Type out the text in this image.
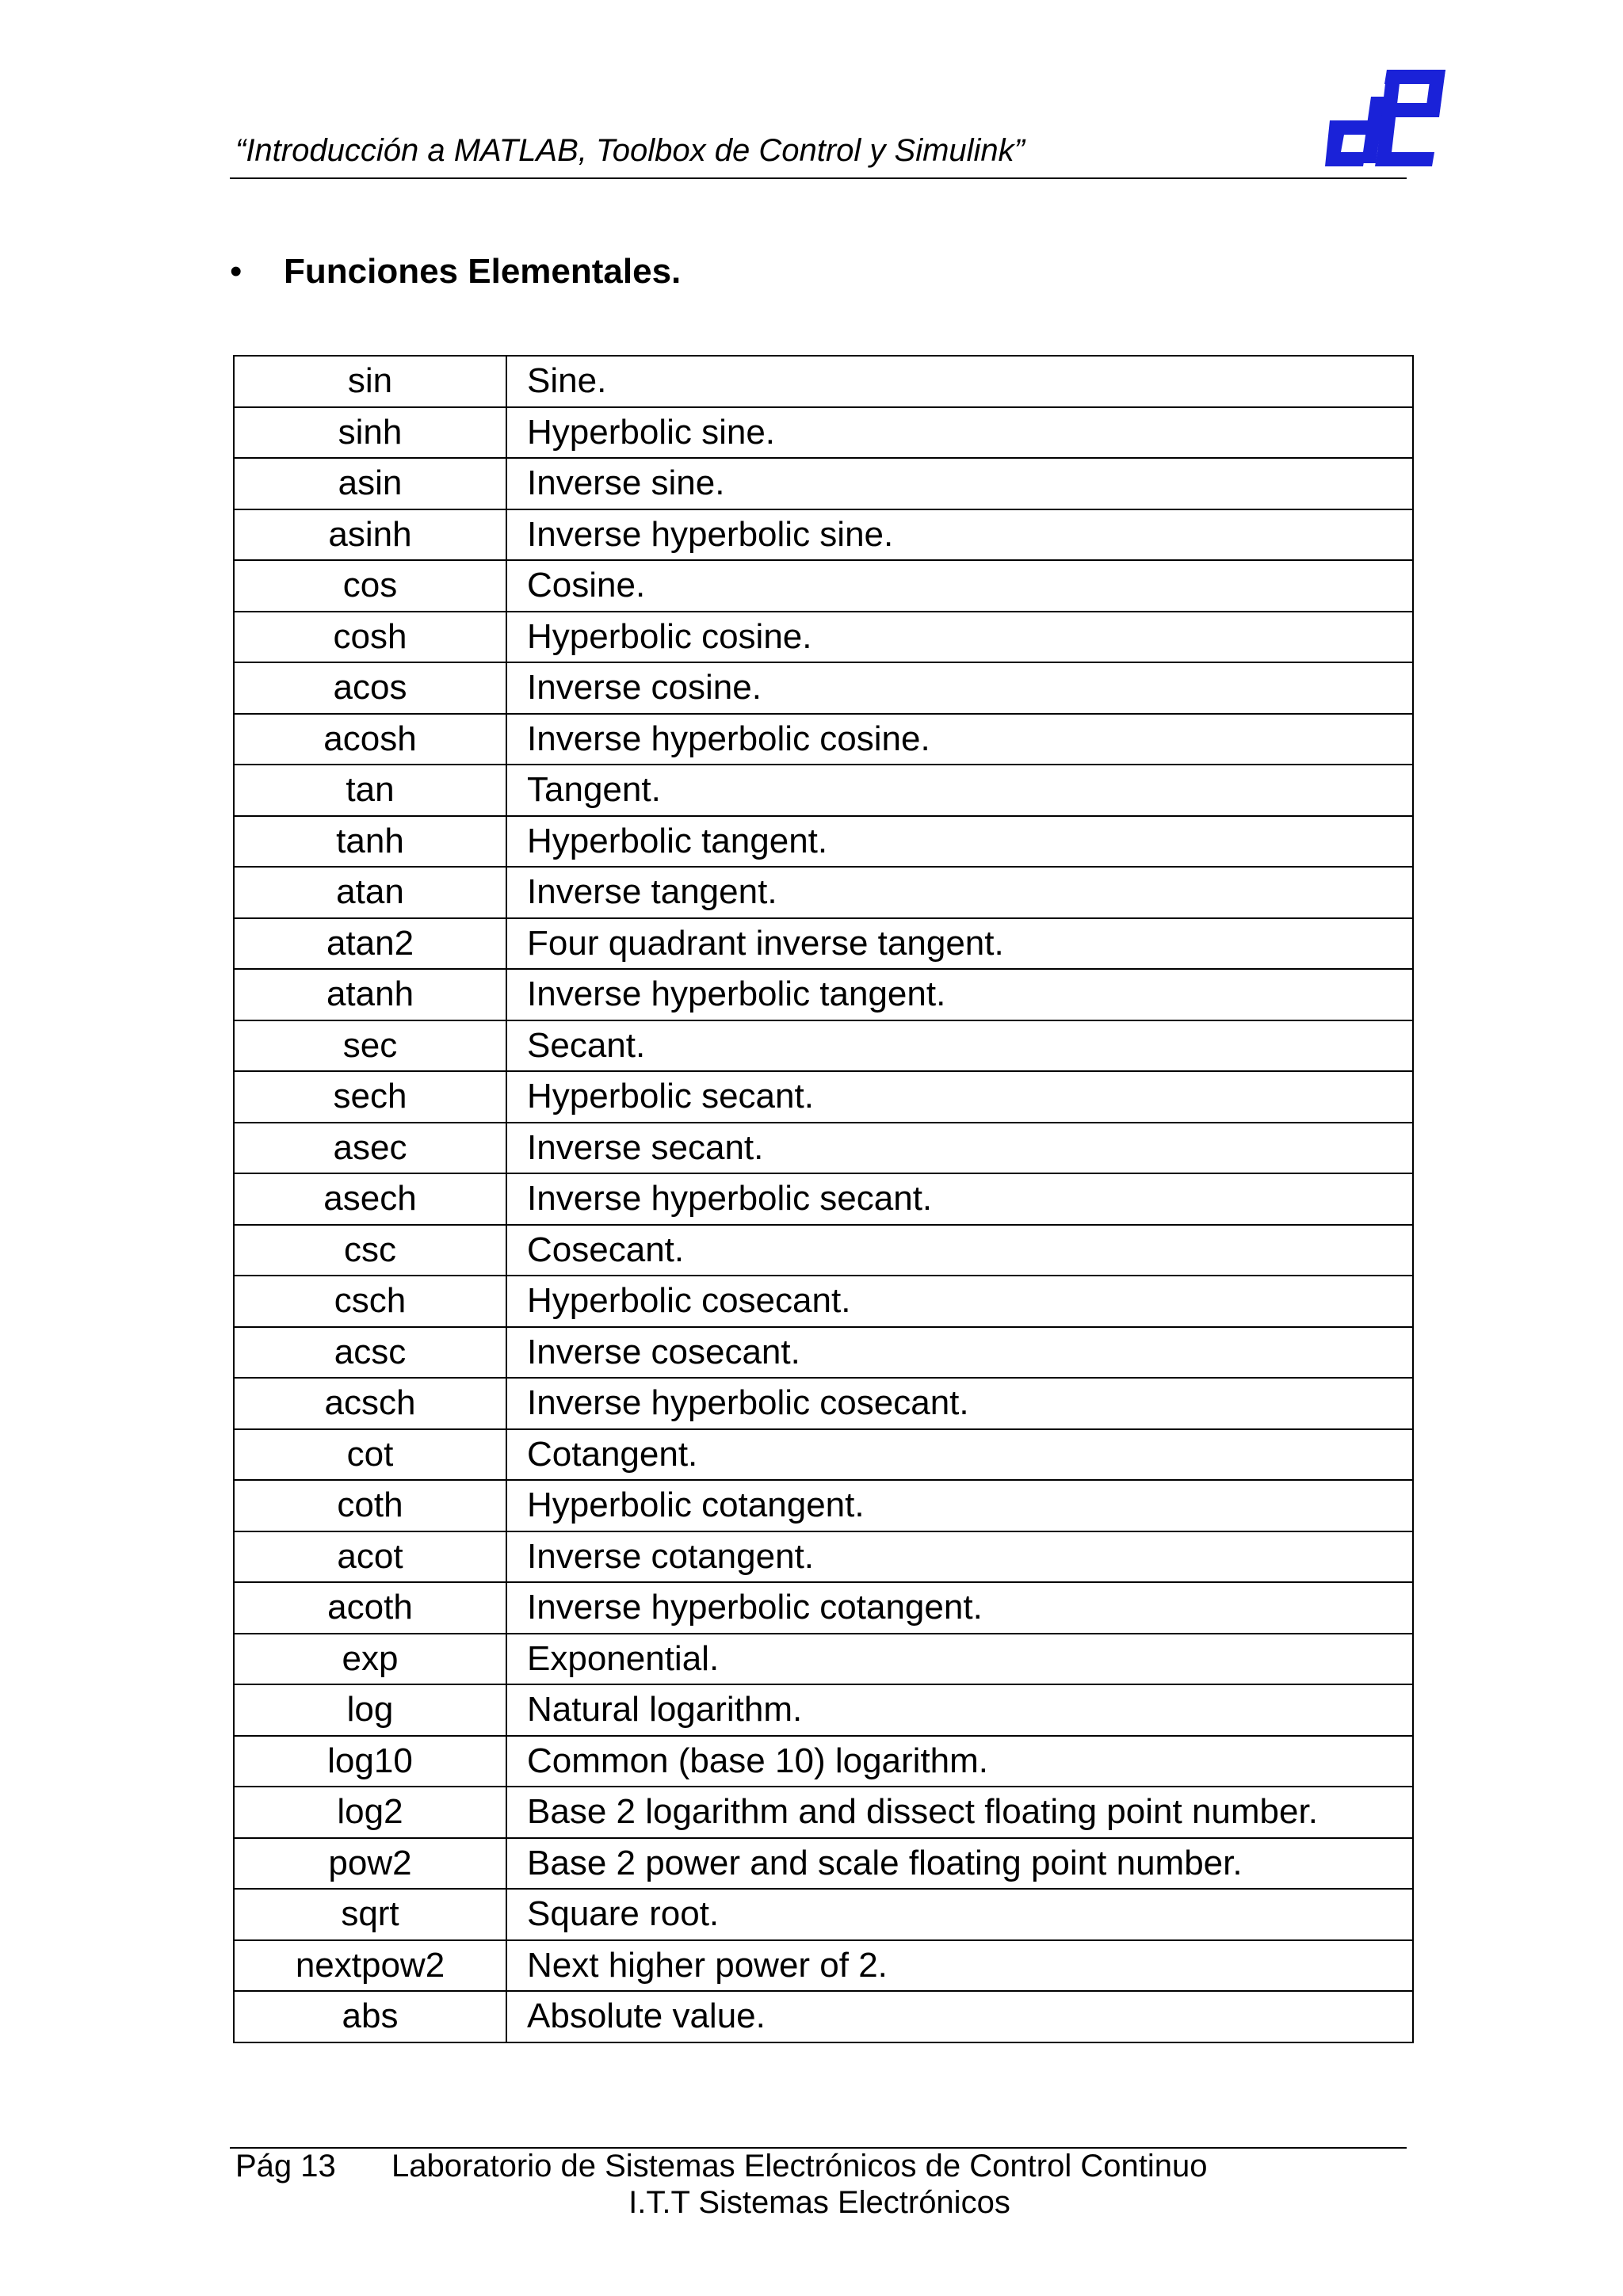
“Introducción a MATLAB, Toolbox de Control y Simulink”
• Funciones Elementales.
sin	Sine.
sinh	Hyperbolic sine.
asin	Inverse sine.
asinh	Inverse hyperbolic sine.
cos	Cosine.
cosh	Hyperbolic cosine.
acos	Inverse cosine.
acosh	Inverse hyperbolic cosine.
tan	Tangent.
tanh	Hyperbolic tangent.
atan	Inverse tangent.
atan2	Four quadrant inverse tangent.
atanh	Inverse hyperbolic tangent.
sec	Secant.
sech	Hyperbolic secant.
asec	Inverse secant.
asech	Inverse hyperbolic secant.
csc	Cosecant.
csch	Hyperbolic cosecant.
acsc	Inverse cosecant.
acsch	Inverse hyperbolic cosecant.
cot	Cotangent.
coth	Hyperbolic cotangent.
acot	Inverse cotangent.
acoth	Inverse hyperbolic cotangent.
exp	Exponential.
log	Natural logarithm.
log10	Common (base 10) logarithm.
log2	Base 2 logarithm and dissect floating point number.
pow2	Base 2 power and scale floating point number.
sqrt	Square root.
nextpow2	Next higher power of 2.
abs	Absolute value.
Pág 13 Laboratorio de Sistemas Electrónicos de Control Continuo
I.T.T Sistemas Electrónicos
